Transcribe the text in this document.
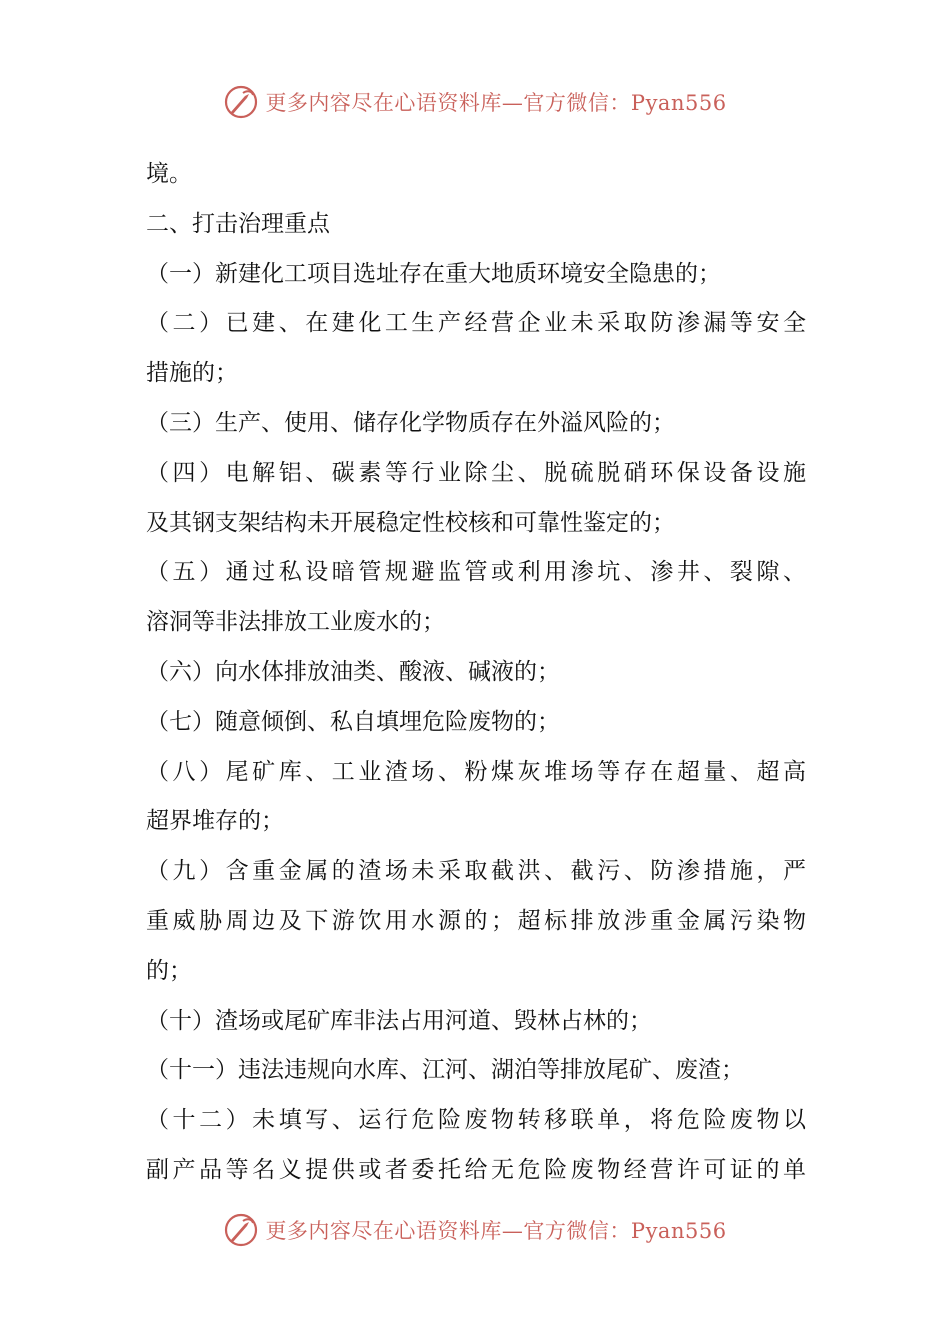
更多内容尽在心语资料库—官方微信：Pyan556
境。
二、打击治理重点
（一）新建化工项目选址存在重大地质环境安全隐患的；
（二）已建、在建化工生产经营企业未采取防渗漏等安全
措施的；
（三）生产、使用、储存化学物质存在外溢风险的；
（四）电解铝、碳素等行业除尘、脱硫脱硝环保设备设施
及其钢支架结构未开展稳定性校核和可靠性鉴定的；
（五）通过私设暗管规避监管或利用渗坑、渗井、裂隙、
溶洞等非法排放工业废水的；
（六）向水体排放油类、酸液、碱液的；
（七）随意倾倒、私自填埋危险废物的；
（八）尾矿库、工业渣场、粉煤灰堆场等存在超量、超高
超界堆存的；
（九）含重金属的渣场未采取截洪、截污、防渗措施，严
重威胁周边及下游饮用水源的；超标排放涉重金属污染物
的；
（十）渣场或尾矿库非法占用河道、毁林占林的；
（十一）违法违规向水库、江河、湖泊等排放尾矿、废渣；
（十二）未填写、运行危险废物转移联单，将危险废物以
副产品等名义提供或者委托给无危险废物经营许可证的单
更多内容尽在心语资料库—官方微信：Pyan556
